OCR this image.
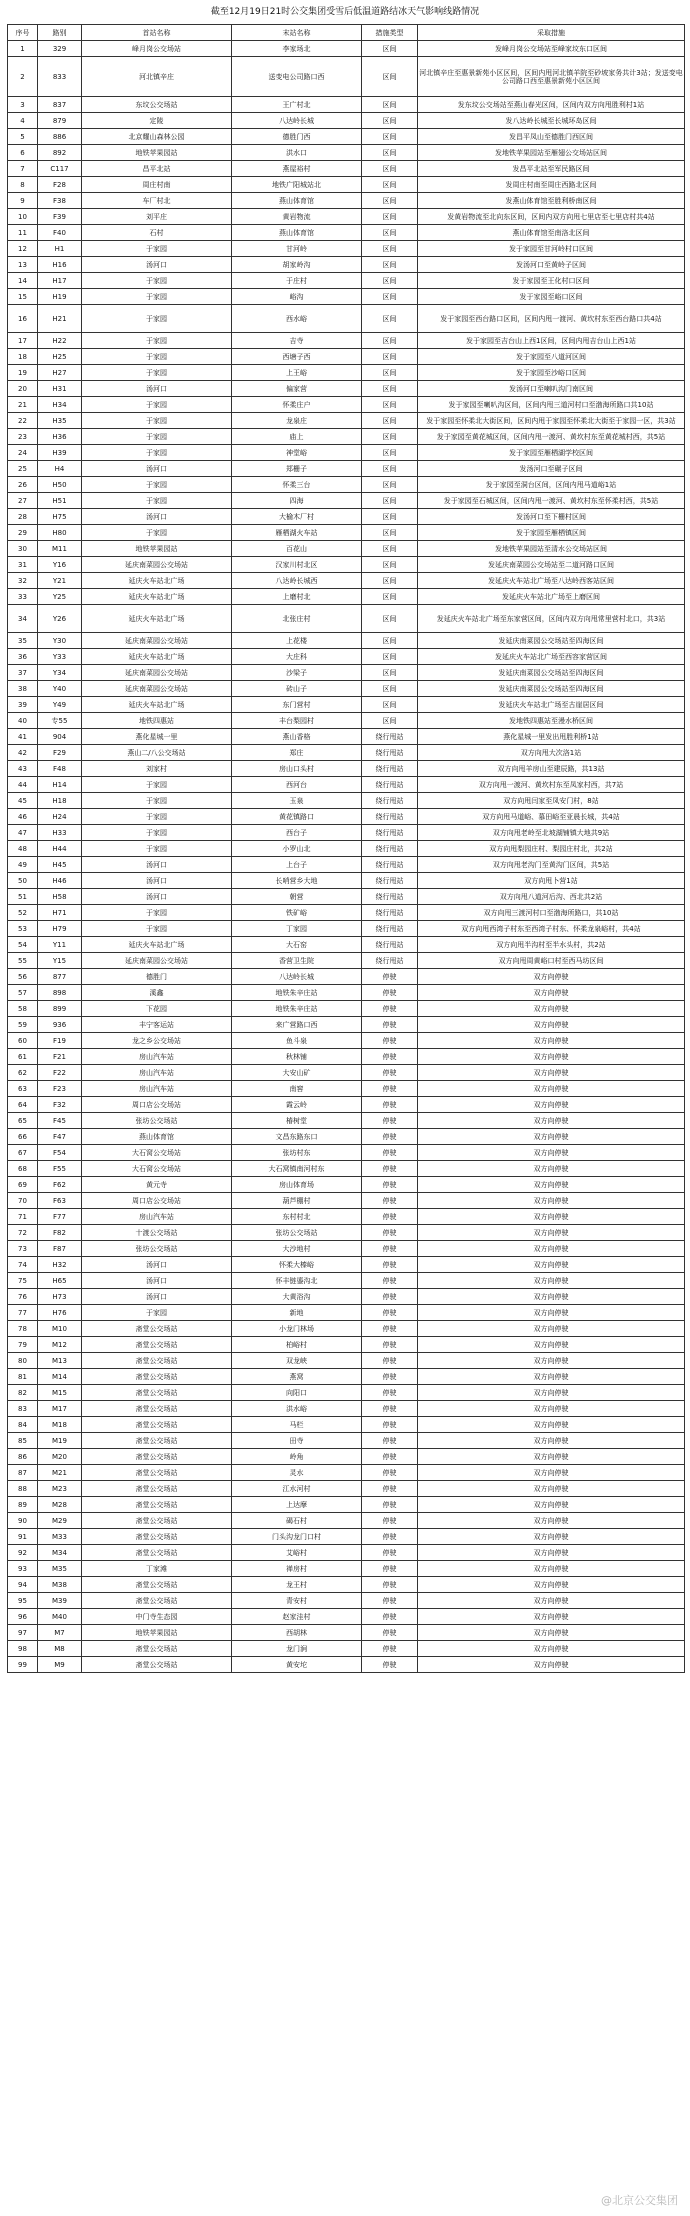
截至12月19日21时公交集团受雪后低温道路结冰天气影响线路情况
序号	路别	首站名称	末站名称	措施类型	采取措施
1	329	峰月岗公交场站	李家场北	区间	发峰月岗公交场站至峰家坟东口区间
2	833	河北镇辛庄	送变电公司路口西	区间	河北镇辛庄至惠景新苑小区区间，区间内甩河北镇羊院至砂坡家务共计3站；发送变电公司路口西至惠景新苑小区区间
3	837	东坟公交场站	王广村北	区间	发东坟公交场站至燕山春光区间，区间内双方向甩胜利村1站
4	879	定陵	八达岭长城	区间	发八达岭长城至长城环岛区间
5	886	北京耀山森林公园	德胜门西	区间	发昌平凤山至德胜门西区间
6	892	地铁苹果园站	洪水口	区间	发地铁苹果园站至雁翅公交场站区间
7	C117	昌平北站	燕屋裕村	区间	发昌平北站至军民路区间
8	F28	周庄村南	地铁广阳城站北	区间	发周庄村南至周庄西路北区间
9	F38	车厂村北	燕山体育馆	区间	发燕山体育馆至胜利桥南区间
10	F39	刘平庄	黄岩物流	区间	发黄岩物流至北向东区间，区间内双方向甩七里店至七里店村共4站
11	F40	石村	燕山体育馆	区间	燕山体育馆至南洛北区间
12	H1	于家园	甘河岭	区间	发于家园至甘河岭村口区间
13	H16	汤河口	胡家岭沟	区间	发汤河口至黄岭子区间
14	H17	于家园	于庄村	区间	发于家园至王化村口区间
15	H19	于家园	峪沟	区间	发于家园至峪口区间
16	H21	于家园	西水峪	区间	发于家园至西台路口区间，区间内甩一渡河、黄坎村东至西台路口共4站
17	H22	于家园	吉寺	区间	发于家园至吉台山上西1区间，区间内甩吉台山上西1站
18	H25	于家园	西塘子西	区间	发于家园至八道河区间
19	H27	于家园	上王峪	区间	发于家园至沙峪口区间
20	H31	汤河口	偏家营	区间	发汤河口至喇叭沟门南区间
21	H34	于家园	怀柔庄户	区间	发于家园至喇叭沟区间，区间内甩三道河村口至渤海所路口共10站
22	H35	于家园	龙泉庄	区间	发于家园至怀柔北大街区间，区间内甩于家园至怀柔北大街至于家园一区，共3站
23	H36	于家园	庙上	区间	发于家园至黄花城区间，区间内甩一渡河、黄坎村东至黄花城村西，共5站
24	H39	于家园	神堂峪	区间	发于家园至雁栖湖学校区间
25	H4	汤河口	郑栅子	区间	发汤河口至碾子区间
26	H50	于家园	怀柔三台	区间	发于家园至洞台区间，区间内甩马道峪1站
27	H51	于家园	四海	区间	发于家园至石城区间，区间内甩一渡河、黄坎村东至怀柔村西，共5站
28	H75	汤河口	大榆木厂村	区间	发汤河口至下栅村区间
29	H80	于家园	雁栖湖火车站	区间	发于家园至雁栖镇区间
30	M11	地铁苹果园站	百花山	区间	发地铁苹果园站至清水公交场站区间
31	Y16	延庆南菜园公交场站	汉家川村北区	区间	发延庆南菜园公交场站至二道河路口区间
32	Y21	延庆火车站北广场	八达岭长城西	区间	发延庆火车站北广场至八达岭西客站区间
33	Y25	延庆火车站北广场	上磨村北	区间	发延庆火车站北广场至上磨区间
34	Y26	延庆火车站北广场	北张庄村	区间	发延庆火车站北广场至东家营区间，区间内双方向甩常里营村北口，共3站
35	Y30	延庆南菜园公交场站	上花楼	区间	发延庆南菜园公交场站至四海区间
36	Y33	延庆火车站北广场	大庄科	区间	发延庆火车站北广场至西容家营区间
37	Y34	延庆南菜园公交场站	沙梁子	区间	发延庆南菜园公交场站至四海区间
38	Y40	延庆南菜园公交场站	砖山子	区间	发延庆南菜园公交场站至四海区间
39	Y49	延庆火车站北广场	东门营村	区间	发延庆火车站北广场至古崖居区间
40	专55	地铁四惠站	丰台梨园村	区间	发地铁四惠站至漫水桥区间
41	904	燕化星城一里	燕山香格	绕行甩站	燕化星城一里发出甩胜利桥1站
42	F29	燕山二/八公交场站	郑庄	绕行甩站	双方向甩大次洛1站
43	F48	刘家村	房山口头村	绕行甩站	双方向甩羊房山至建辰路，共13站
44	H14	于家园	西河台	绕行甩站	双方向甩一渡河、黄坎村东至凤家村西，共7站
45	H18	于家园	玉泉	绕行甩站	双方向甩闫家至凤安门村，8站
46	H24	于家园	黄花镇路口	绕行甩站	双方向甩马道峪、慕田峪至亚晨长城，共4站
47	H33	于家园	西台子	绕行甩站	双方向甩老岭至北坡湖铺镇大地共9站
48	H44	于家园	小罗山北	绕行甩站	双方向甩梨园庄村、梨园庄村北，共2站
49	H45	汤河口	上台子	绕行甩站	双方向甩老沟门至黄沟门区间，共5站
50	H46	汤河口	长哨营乡大地	绕行甩站	双方向甩卜营1站
51	H58	汤河口	朝营	绕行甩站	双方向甩八道河后沟、西北共2站
52	H71	于家园	铁矿峪	绕行甩站	双方向甩三渡河村口至渤海所路口，共10站
53	H79	于家园	丁家园	绕行甩站	双方向甩西湾子村东至西湾子村东、怀柔龙泉峪村，共4站
54	Y11	延庆火车站北广场	大石窑	绕行甩站	双方向甩半沟村至半水头村，共2站
55	Y15	延庆南菜园公交场站	香营卫生院	绕行甩站	双方向甩周黄峪口村至西马坊区间
56	877	德胜门	八达岭长城	停驶	双方向停驶
57	898	溪鑫	地铁朱辛庄站	停驶	双方向停驶
58	899	下花园	地铁朱辛庄站	停驶	双方向停驶
59	936	丰宁客运站	来广营路口西	停驶	双方向停驶
60	F19	龙之乡公交场站	鱼斗泉	停驶	双方向停驶
61	F21	房山汽车站	秋林铺	停驶	双方向停驶
62	F22	房山汽车站	大安山矿	停驶	双方向停驶
63	F23	房山汽车站	南窖	停驶	双方向停驶
64	F32	周口店公交场站	霞云岭	停驶	双方向停驶
65	F45	张坊公交场站	椿树堂	停驶	双方向停驶
66	F47	燕山体育馆	文昌东路东口	停驶	双方向停驶
67	F54	大石窝公交场站	张坊村东	停驶	双方向停驶
68	F55	大石窝公交场站	大石窝镇南河村东	停驶	双方向停驶
69	F62	黄元寺	房山体育场	停驶	双方向停驶
70	F63	周口店公交场站	葫芦棚村	停驶	双方向停驶
71	F77	房山汽车站	东村村北	停驶	双方向停驶
72	F82	十渡公交场站	张坊公交场站	停驶	双方向停驶
73	F87	张坊公交场站	大沙地村	停驶	双方向停驶
74	H32	汤河口	怀柔大榛峪	停驶	双方向停驶
75	H65	汤河口	怀丰链鎏沟北	停驶	双方向停驶
76	H73	汤河口	大黄浴沟	停驶	双方向停驶
77	H76	于家园	新地	停驶	双方向停驶
78	M10	斋堂公交场站	小龙门林场	停驶	双方向停驶
79	M12	斋堂公交场站	柏峪村	停驶	双方向停驶
80	M13	斋堂公交场站	双龙峡	停驶	双方向停驶
81	M14	斋堂公交场站	燕窝	停驶	双方向停驶
82	M15	斋堂公交场站	向阳口	停驶	双方向停驶
83	M17	斋堂公交场站	洪水峪	停驶	双方向停驶
84	M18	斋堂公交场站	马栏	停驶	双方向停驶
85	M19	斋堂公交场站	田寺	停驶	双方向停驶
86	M20	斋堂公交场站	岭角	停驶	双方向停驶
87	M21	斋堂公交场站	灵水	停驶	双方向停驶
88	M23	斋堂公交场站	江水河村	停驶	双方向停驶
89	M28	斋堂公交场站	上达摩	停驶	双方向停驶
90	M29	斋堂公交场站	碣石村	停驶	双方向停驶
91	M33	斋堂公交场站	门头沟龙门口村	停驶	双方向停驶
92	M34	斋堂公交场站	艾峪村	停驶	双方向停驶
93	M35	丁家滩	禅房村	停驶	双方向停驶
94	M38	斋堂公交场站	龙王村	停驶	双方向停驶
95	M39	斋堂公交场站	青安村	停驶	双方向停驶
96	M40	中门寺生态园	赵家洼村	停驶	双方向停驶
97	M7	地铁苹果园站	西胡林	停驶	双方向停驶
98	M8	斋堂公交场站	龙门涧	停驶	双方向停驶
99	M9	斋堂公交场站	黄安坨	停驶	双方向停驶
@北京公交集团
